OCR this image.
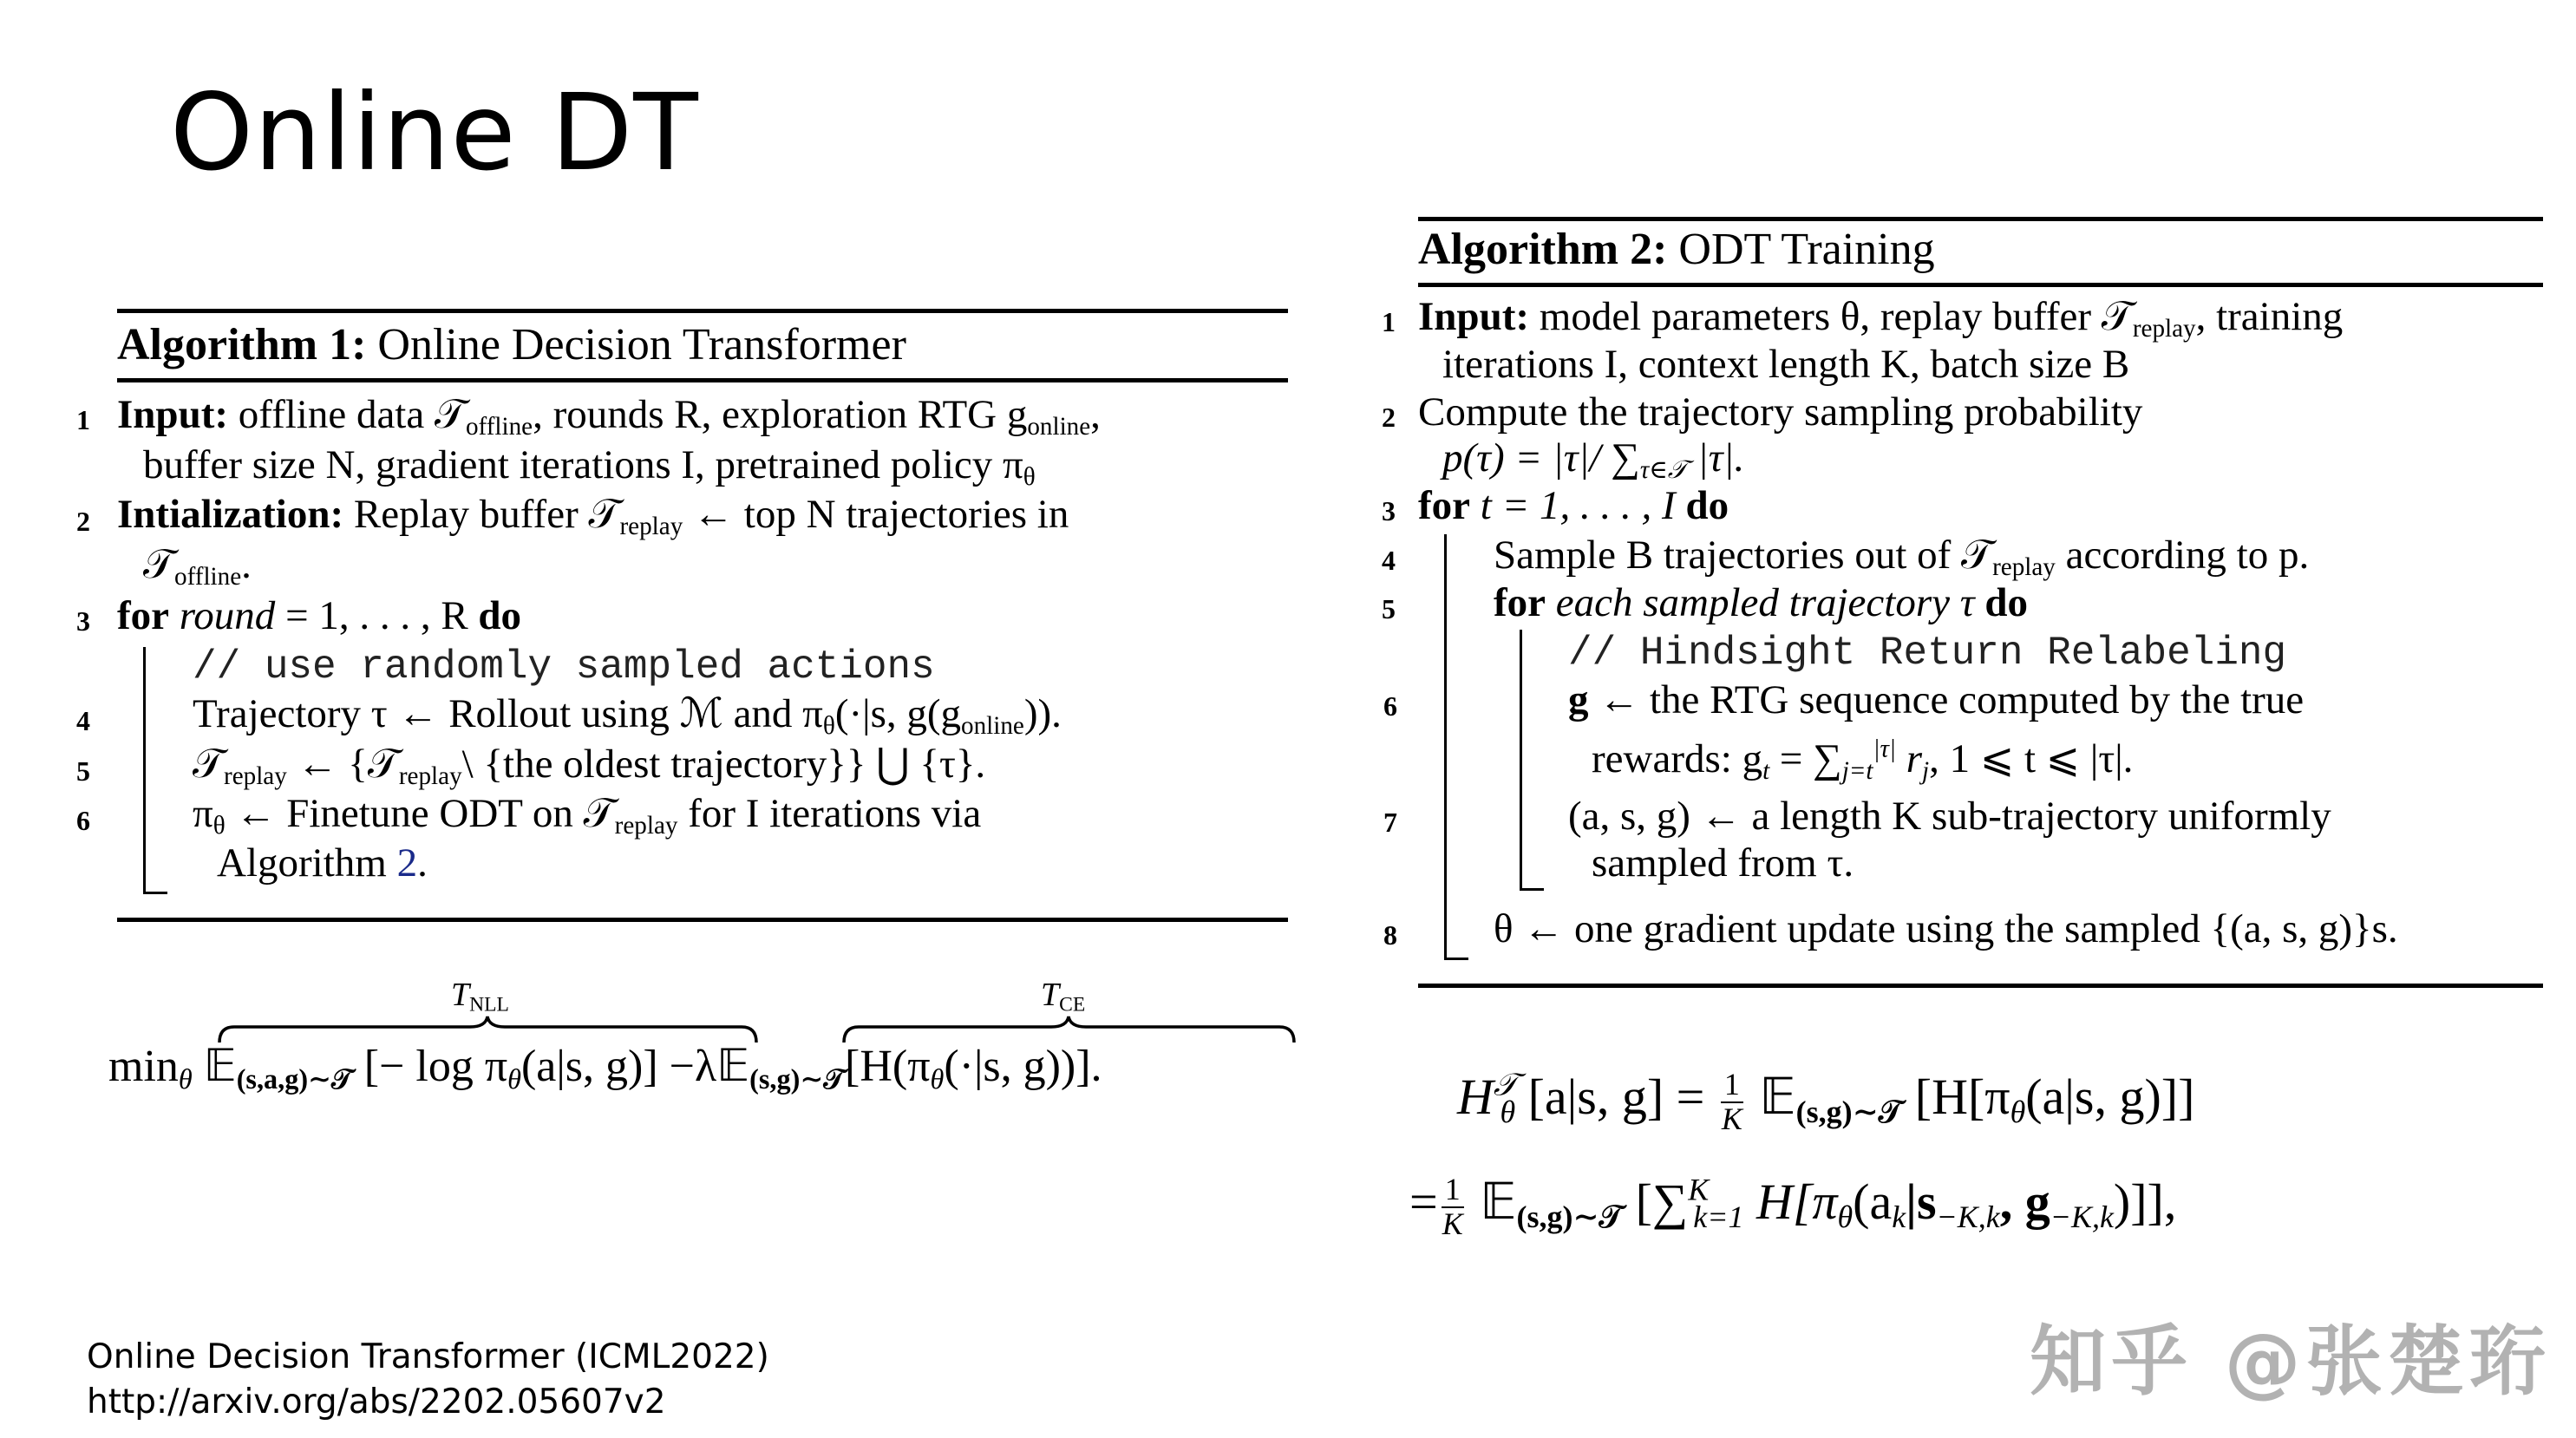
Online DT
Algorithm 1: Online Decision Transformer
1 Input: offline data 𝒯$_{offline}$, rounds R, exploration RTG $g_{online}$,
buffer size N, gradient iterations I, pretrained policy $\pi_\theta$
2 Intialization: Replay buffer 𝒯$_{replay}$ ← top N trajectories in
𝒯$_{offline}$.
3 for round = 1, . . . , R do
// use randomly sampled actions
4	Trajectory τ ← Rollout using ℳ and $\pi_\theta(\cdot|s$, $g(g_{online})$).
5	𝒯$_{replay}$ ← {𝒯$_{replay}$\ {the oldest trajectory}} ⋃ {τ}.
6	$\pi_\theta$ ← Finetune ODT on 𝒯$_{replay}$ for I iterations via
Algorithm 2.
$T_{NLL}$	$T_{CE}$
$\min_\theta$ 𝔼$_{(s,a,g)\sim 𝒯}$ [− $\log \pi_\theta(a|s$, $g)] -\lambda 𝔼_{(s,g)\sim 𝒯}[H(\pi_\theta(\cdot|s$, g))].
Algorithm 2: ODT Training
1 Input: model parameters θ, replay buffer 𝒯$_{replay}$, training
iterations I, context length K, batch size B
2 Compute the trajectory sampling probability
p(τ) = |τ|/ $\sum_{\tau\in 𝒯}$ |τ|.
3 for t = 1, . . . , I do
4 Sample B trajectories out of 𝒯$_{replay}$ according to p.
5 for each sampled trajectory τ do
// Hindsight Return Relabeling
6	g ← the RTG sequence computed by the true
rewards: $g_t = \sum_{j=t}^{|\tau|}$ $r_j$, 1 ⩽ t ⩽ |τ|.
7	(a, s, g) ← a length K sub-trajectory uniformly
sampled from τ.
8 θ ← one gradient update using the sampled {(a, s, g)}s.
$H^𝒯_\theta$ [a|s, $g] = \frac{1}{K}$ 𝔼$_{(s,g)\sim 𝒯}$ [$H[\pi_\theta(a|s$, g)]]
= $\frac{1}{K}$ 𝔼$_{(s,g)\sim 𝒯}$ [∑$^K_{k=1}$ $H[\pi_\theta(a_k|s_{-K,k}$, $g_{-K,k}$)]],
Online Decision Transformer (ICML2022)
http://arxiv.org/abs/2202.05607v2	知乎 @张楚珩
